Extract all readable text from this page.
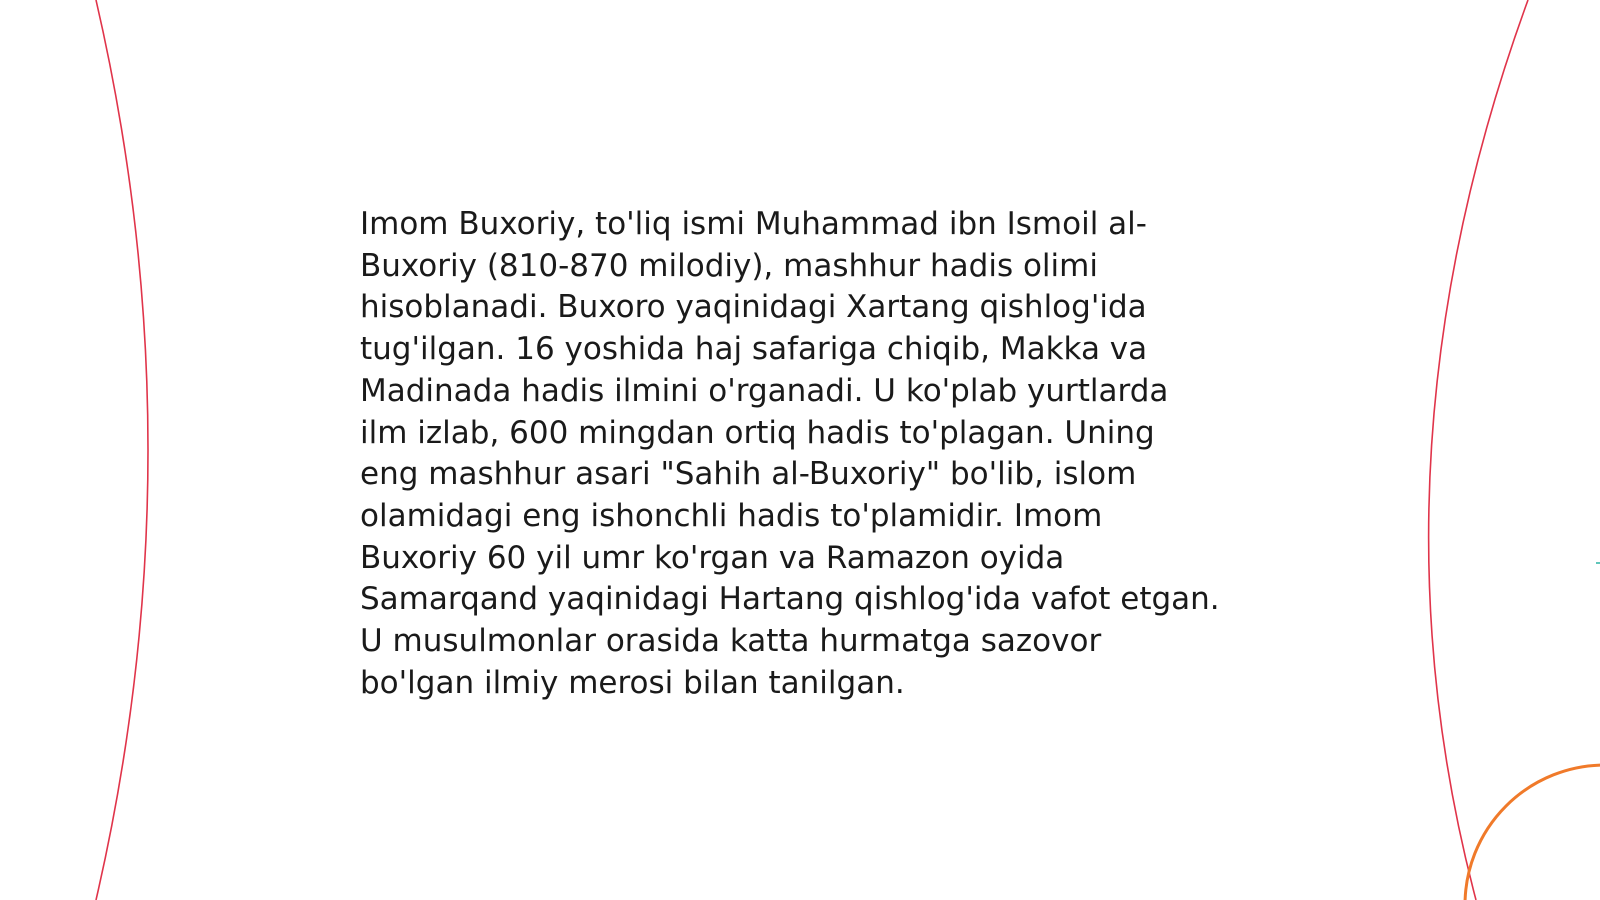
Imom Buxoriy, to'liq ismi Muhammad ibn Ismoil al-Buxoriy (810-870 milodiy), mashhur hadis olimi hisoblanadi. Buxoro yaqinidagi Xartang qishlog'ida tug'ilgan. 16 yoshida haj safariga chiqib, Makka va Madinada hadis ilmini o'rganadi. U ko'plab yurtlarda ilm izlab, 600 mingdan ortiq hadis to'plagan. Uning eng mashhur asari "Sahih al-Buxoriy" bo'lib, islom olamidagi eng ishonchli hadis to'plamidir. Imom Buxoriy 60 yil umr ko'rgan va Ramazon oyida Samarqand yaqinidagi Hartang qishlog'ida vafot etgan. U musulmonlar orasida katta hurmatga sazovor bo'lgan ilmiy merosi bilan tanilgan.
